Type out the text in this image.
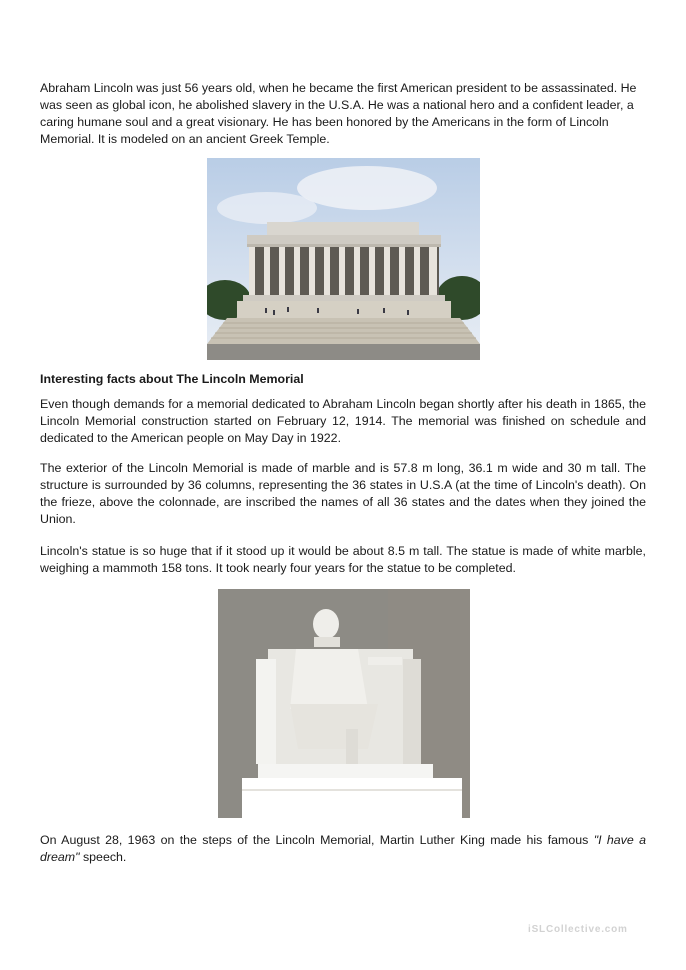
Abraham Lincoln was just 56 years old, when he became the first American president to be assassinated. He was seen as global icon, he abolished slavery in the U.S.A. He was a national hero and a confident leader, a caring humane soul and a great visionary. He has been honored by the Americans in the form of Lincoln Memorial. It is modeled on an ancient Greek Temple.

Interesting facts about The Lincoln Memorial

Even though demands for a memorial dedicated to Abraham Lincoln began shortly after his death in 1865, the Lincoln Memorial construction started on February 12, 1914. The memorial was finished on schedule and dedicated to the American people on May Day in 1922.

The exterior of the Lincoln Memorial is made of marble and is 57.8 m long, 36.1 m wide and 30 m tall. The structure is surrounded by 36 columns, representing the 36 states in U.S.A (at the time of Lincoln's death). On the frieze, above the colonnade, are inscribed the names of all 36 states and the dates when they joined the Union.

Lincoln's statue is so huge that if it stood up it would be about 8.5 m tall. The statue is made of white marble, weighing a mammoth 158 tons. It took nearly four years for the statue to be completed.

On August 28, 1963 on the steps of the Lincoln Memorial, Martin Luther King made his famous "I have a dream" speech.

iSLCollective.com
